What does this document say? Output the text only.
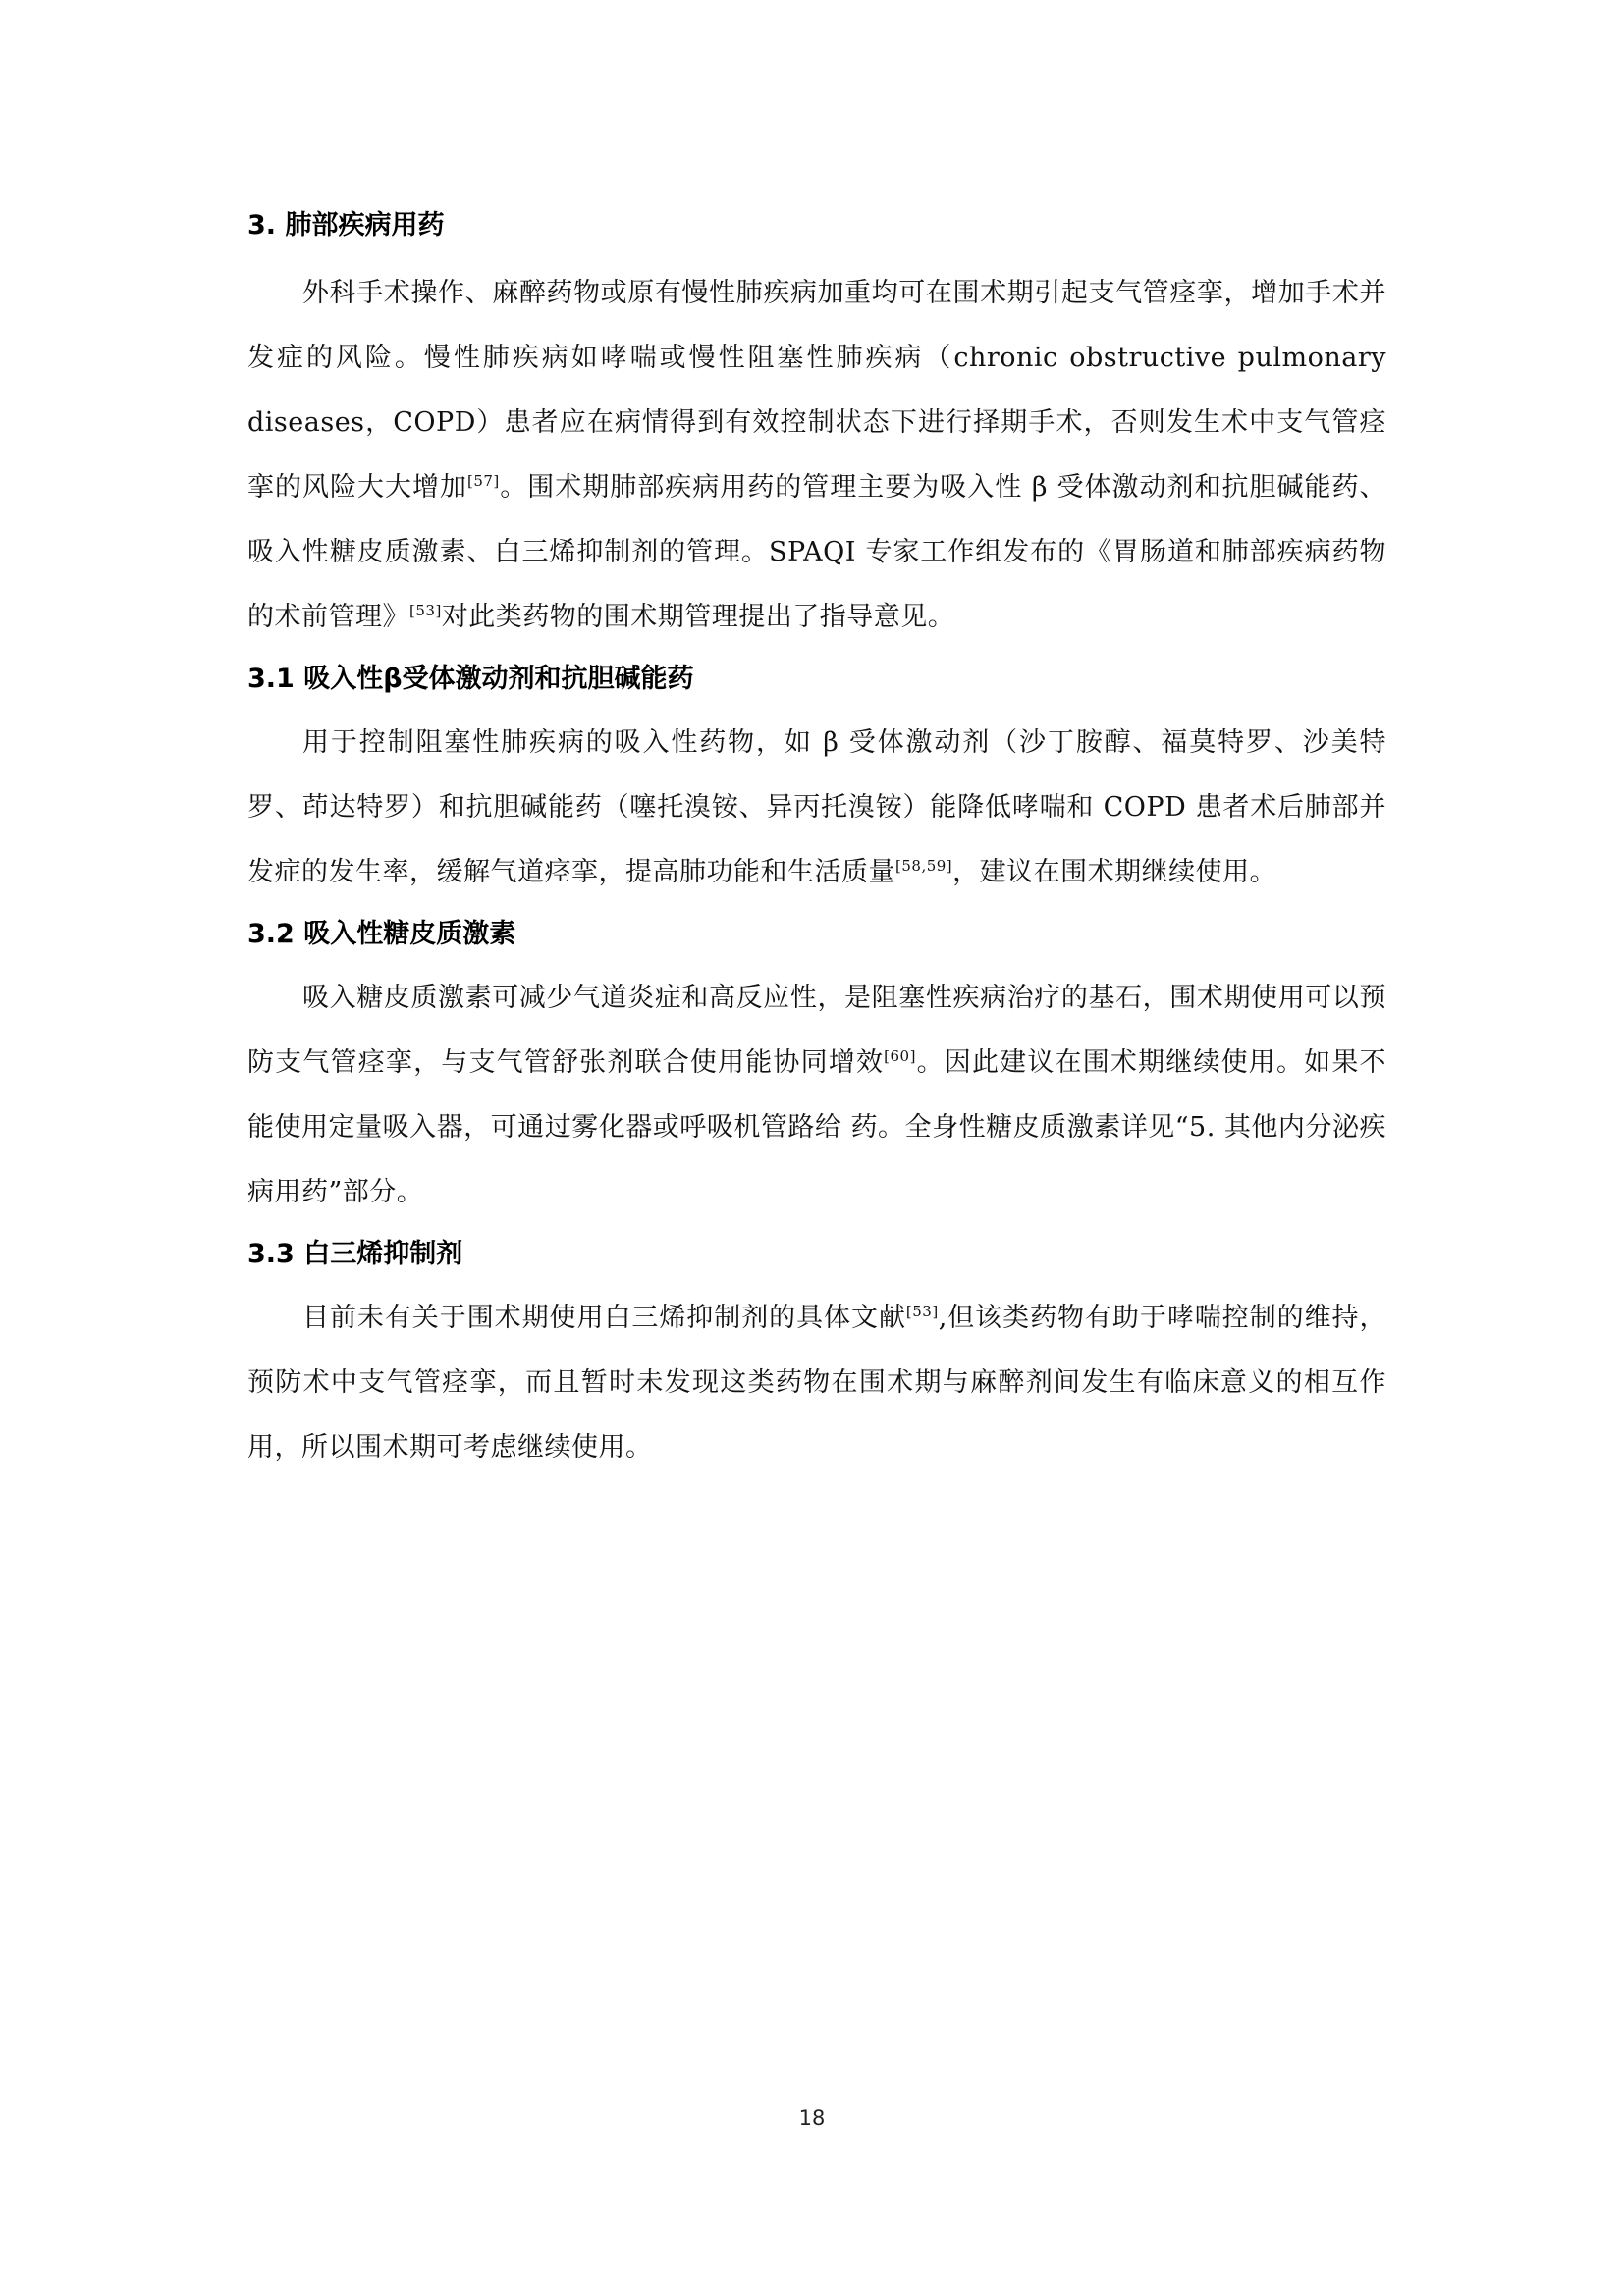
3. 肺部疾病用药

外科手术操作、麻醉药物或原有慢性肺疾病加重均可在围术期引起支气管痉挛，增加手术并发症的风险。慢性肺疾病如哮喘或慢性阻塞性肺疾病（chronic obstructive pulmonary diseases，COPD）患者应在病情得到有效控制状态下进行择期手术，否则发生术中支气管痉挛的风险大大增加[57]。围术期肺部疾病用药的管理主要为吸入性 β 受体激动剂和抗胆碱能药、吸入性糖皮质激素、白三烯抑制剂的管理。SPAQI 专家工作组发布的《胃肠道和肺部疾病药物的术前管理》[53]对此类药物的围术期管理提出了指导意见。

3.1 吸入性β受体激动剂和抗胆碱能药

用于控制阻塞性肺疾病的吸入性药物，如 β 受体激动剂（沙丁胺醇、福莫特罗、沙美特罗、茚达特罗）和抗胆碱能药（噻托溴铵、异丙托溴铵）能降低哮喘和 COPD 患者术后肺部并发症的发生率，缓解气道痉挛，提高肺功能和生活质量[58,59]，建议在围术期继续使用。

3.2 吸入性糖皮质激素

吸入糖皮质激素可减少气道炎症和高反应性，是阻塞性疾病治疗的基石，围术期使用可以预防支气管痉挛，与支气管舒张剂联合使用能协同增效[60]。因此建议在围术期继续使用。如果不能使用定量吸入器，可通过雾化器或呼吸机管路给 药。全身性糖皮质激素详见“5. 其他内分泌疾病用药”部分。

3.3 白三烯抑制剂

目前未有关于围术期使用白三烯抑制剂的具体文献[53],但该类药物有助于哮喘控制的维持，预防术中支气管痉挛，而且暂时未发现这类药物在围术期与麻醉剂间发生有临床意义的相互作用，所以围术期可考虑继续使用。

18
